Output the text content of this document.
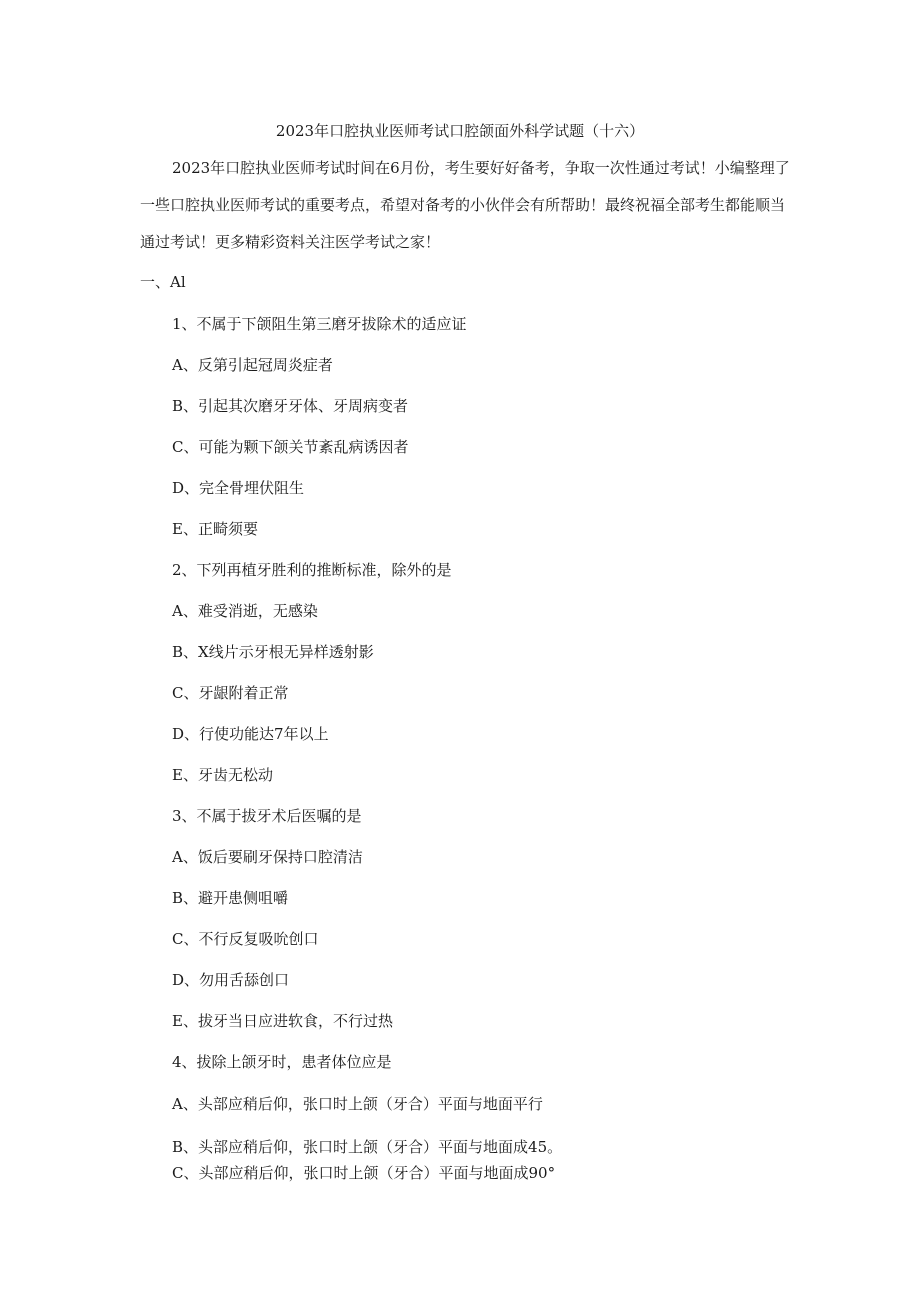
2023年口腔执业医师考试口腔颌面外科学试题（十六）
2023年口腔执业医师考试时间在6月份，考生要好好备考，争取一次性通过考试！小编整理了一些口腔执业医师考试的重要考点，希望对备考的小伙伴会有所帮助！最终祝福全部考生都能顺当通过考试！更多精彩资料关注医学考试之家！
一、Al
1、不属于下颌阻生第三磨牙拔除术的适应证
A、反第引起冠周炎症者
B、引起其次磨牙牙体、牙周病变者
C、可能为颗下颌关节紊乱病诱因者
D、完全骨埋伏阻生
E、正畸须要
2、下列再植牙胜利的推断标准，除外的是
A、难受消逝，无感染
B、X线片示牙根无异样透射影
C、牙龈附着正常
D、行使功能达7年以上
E、牙齿无松动
3、不属于拔牙术后医嘱的是
A、饭后要刷牙保持口腔清洁
B、避开患侧咀嚼
C、不行反复吸吮创口
D、勿用舌舔创口
E、拔牙当日应进软食，不行过热
4、拔除上颌牙时，患者体位应是
A、头部应稍后仰，张口时上颌（牙合）平面与地面平行
B、头部应稍后仰，张口时上颌（牙合）平面与地面成45。
C、头部应稍后仰，张口时上颌（牙合）平面与地面成90°
